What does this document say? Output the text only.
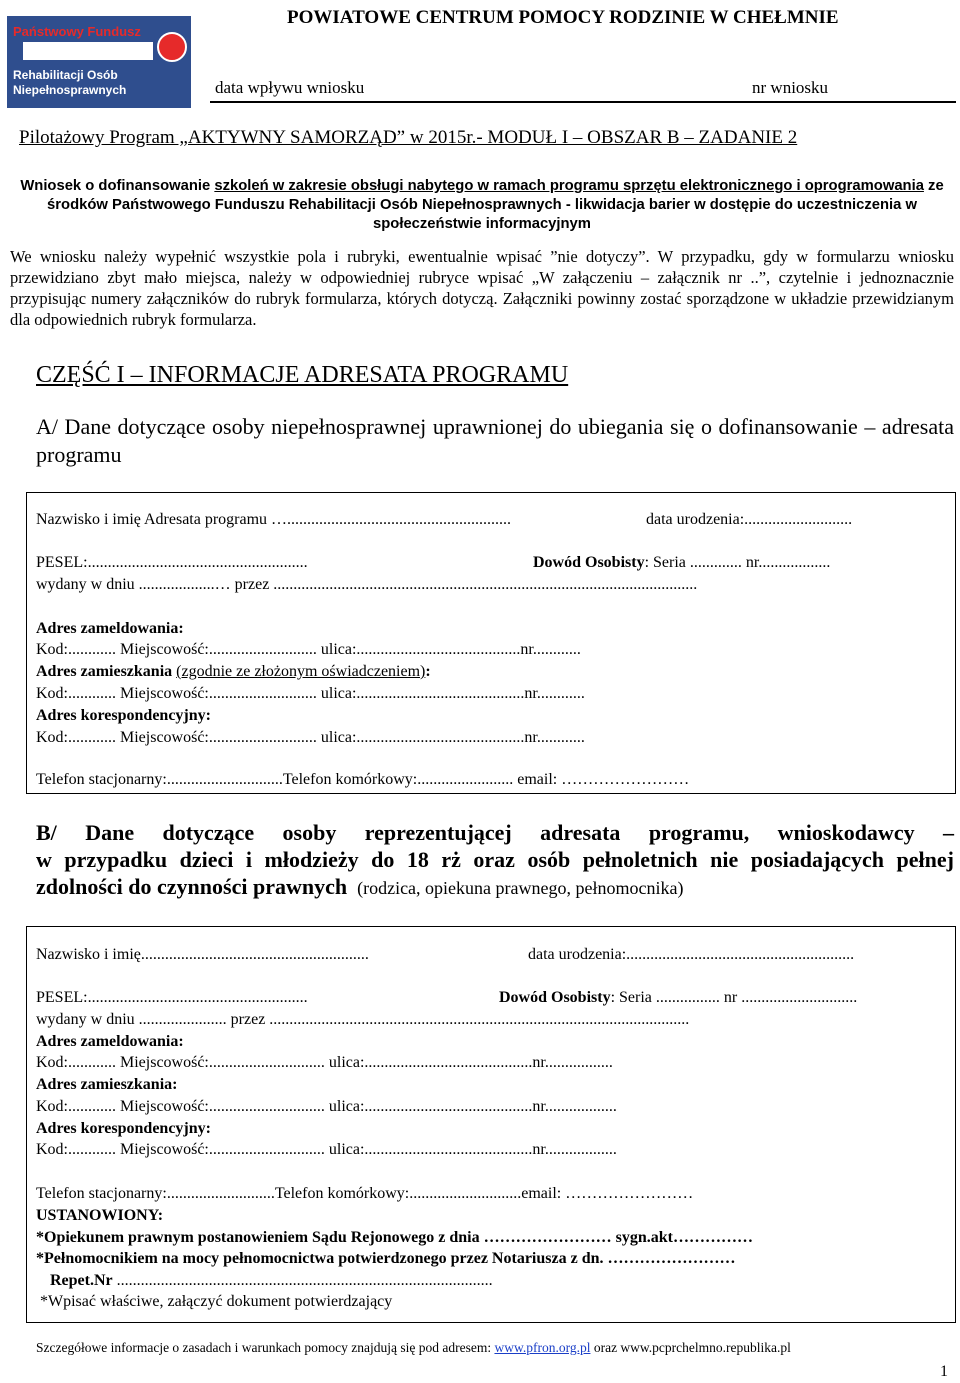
POWIATOWE CENTRUM POMOCY RODZINIE W CHEŁMNIE
Państwowy Fundusz
Rehabilitacji Osób
Niepełnosprawnych	data wpływu wniosku	nr wniosku
Pilotażowy Program „AKTYWNY SAMORZĄD” w 2015r.- MODUŁ I – OBSZAR B – ZADANIE 2
Wniosek o dofinansowanie szkoleń w zakresie obsługi nabytego w ramach programu sprzętu elektronicznego i oprogramowania ze środków Państwowego Funduszu Rehabilitacji Osób Niepełnosprawnych - likwidacja barier w dostępie do uczestniczenia w społeczeństwie informacyjnym
We wniosku należy wypełnić wszystkie pola i rubryki, ewentualnie wpisać ”nie dotyczy”. W przypadku, gdy w formularzu wniosku przewidziano zbyt mało miejsca, należy w odpowiedniej rubryce wpisać „W załączeniu – załącznik nr ..”, czytelnie i jednoznacznie przypisując numery załączników do rubryk formularza, których dotyczą. Załączniki powinny zostać sporządzone w układzie przewidzianym dla odpowiednich rubryk formularza.
CZĘŚĆ I – INFORMACJE ADRESATA PROGRAMU
A/ Dane dotyczące osoby niepełnosprawnej uprawnionej do ubiegania się o dofinansowanie – adresata programu
Nazwisko i imię Adresata programu …........................................................	data urodzenia:...........................
PESEL:.......................................................	Dowód Osobisty: Seria ............. nr..................
wydany w dniu ...................… przez ..........................................................................................................
Adres zameldowania:
Kod:............ Miejscowość:........................... ulica:.........................................nr............
Adres zamieszkania (zgodnie ze złożonym oświadczeniem):
Kod:............ Miejscowość:........................... ulica:..........................................nr............
Adres korespondencyjny:
Kod:............ Miejscowość:........................... ulica:..........................................nr............
Telefon stacjonarny:.............................Telefon komórkowy:........................ email: ……………………
B/ Dane dotyczące osoby reprezentującej adresata programu, wnioskodawcy –
w przypadku dzieci i młodzieży do 18 rż oraz osób pełnoletnich nie posiadających pełnej
zdolności do czynności prawnych (rodzica, opiekuna prawnego, pełnomocnika)
Nazwisko i imię.........................................................	data urodzenia:.........................................................
PESEL:.......................................................	Dowód Osobisty: Seria ................ nr .............................
wydany w dniu ...................... przez .........................................................................................................
Adres zameldowania:
Kod:............ Miejscowość:............................. ulica:..........................................nr.................
Adres zamieszkania:
Kod:............ Miejscowość:............................. ulica:..........................................nr..................
Adres korespondencyjny:
Kod:............ Miejscowość:............................. ulica:..........................................nr..................
Telefon stacjonarny:...........................Telefon komórkowy:............................email: ……………………
USTANOWIONY:
*Opiekunem prawnym postanowieniem Sądu Rejonowego z dnia …………………… sygn.akt……………
*Pełnomocnikiem na mocy pełnomocnictwa potwierdzonego przez Notariusza z dn. ……………………
Repet.Nr ..............................................................................................
*Wpisać właściwe, załączyć dokument potwierdzający
Szczegółowe informacje o zasadach i warunkach pomocy znajdują się pod adresem: www.pfron.org.pl oraz www.pcprchelmno.republika.pl
1
